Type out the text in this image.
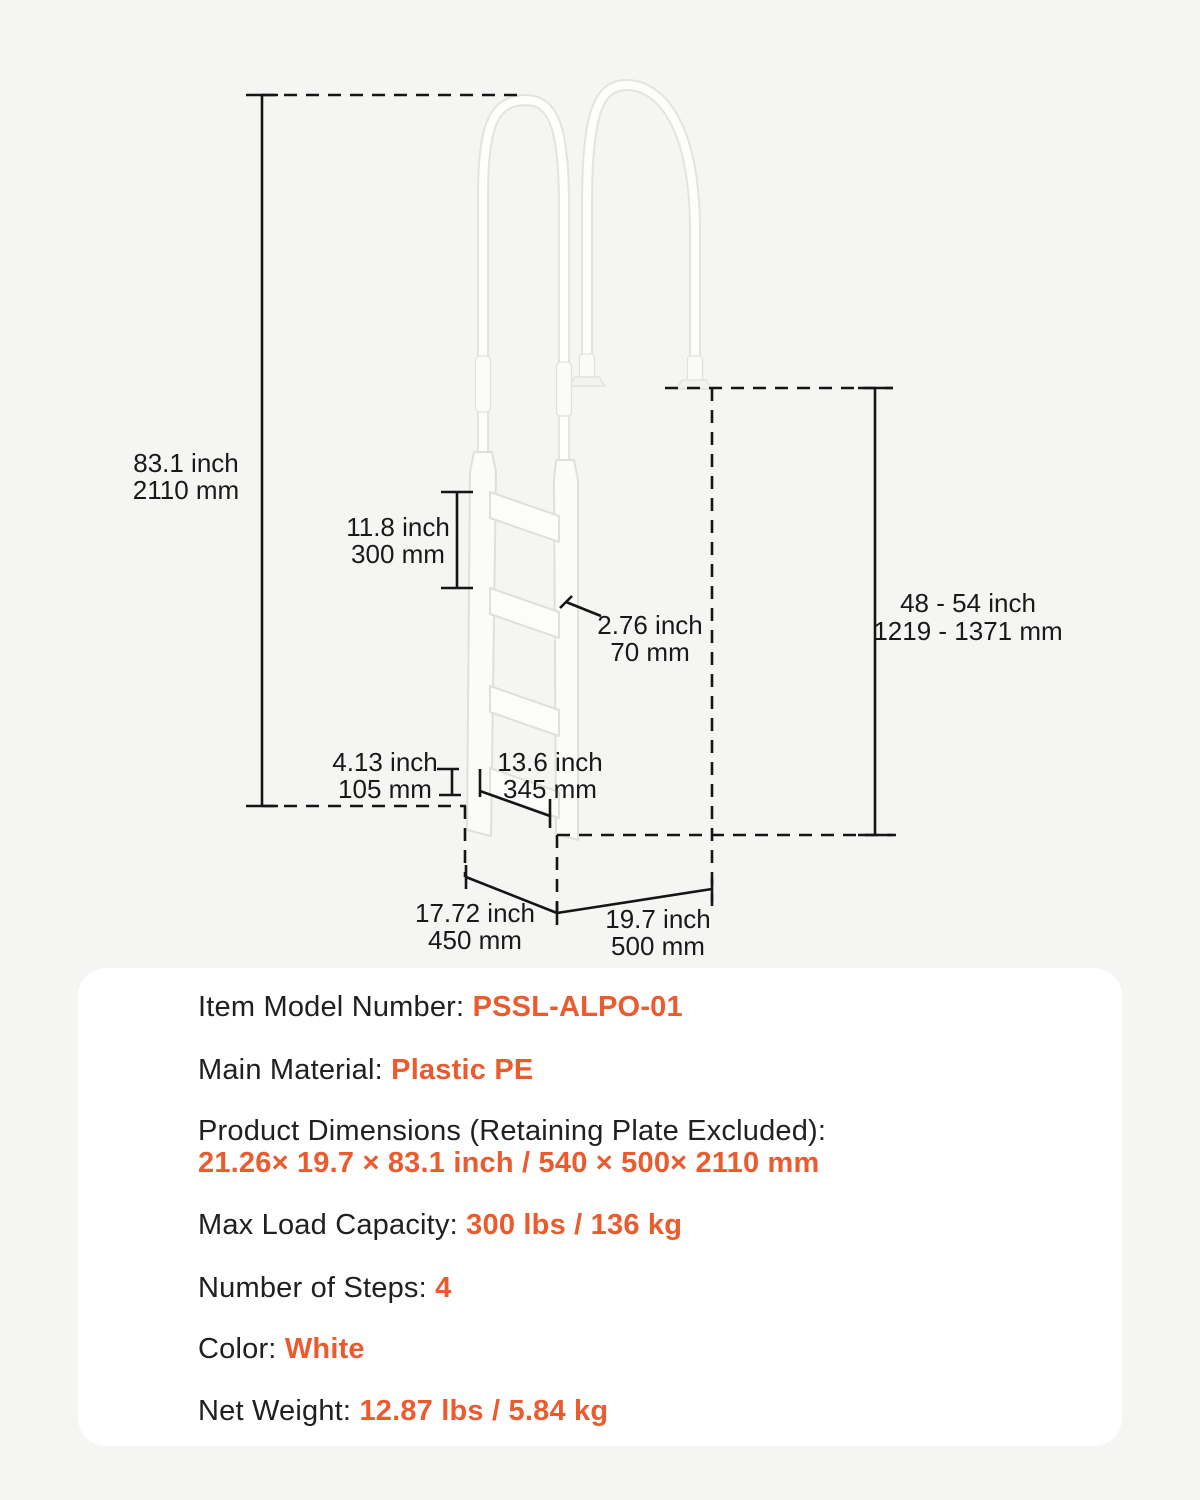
83.1 inch
2110 mm
11.8 inch
300 mm
2.76 inch
70 mm
48 - 54 inch
1219 - 1371 mm
4.13 inch
105 mm
13.6 inch
345 mm
17.72 inch
450 mm
19.7 inch
500 mm
Item Model Number: PSSL-ALPO-01
Main Material: Plastic PE
Product Dimensions (Retaining Plate Excluded):
21.26× 19.7 × 83.1 inch / 540 × 500× 2110 mm
Max Load Capacity: 300 lbs / 136 kg
Number of Steps: 4
Color: White
Net Weight: 12.87 lbs / 5.84 kg
